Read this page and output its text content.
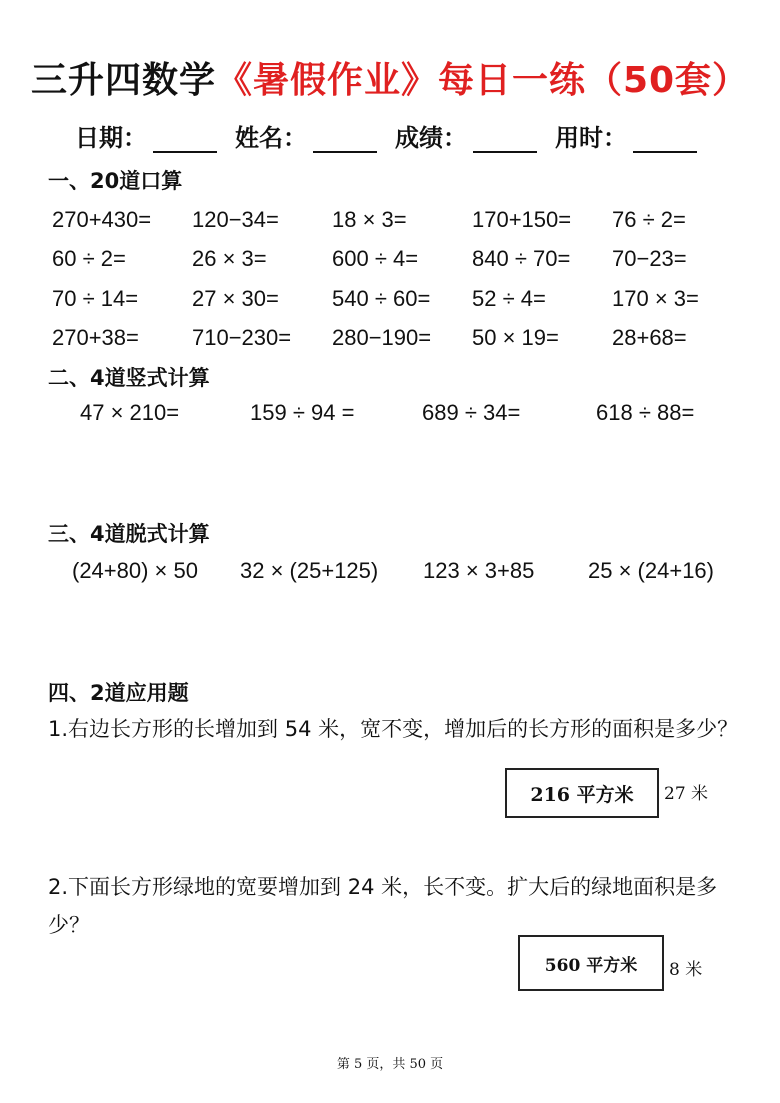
三升四数学《暑假作业》每日一练（50套）
日期：	姓名：	成绩：	用时：
一、20道口算
270+430=	120−34=	18 × 3=	170+150=	76 ÷ 2=
60 ÷ 2=	26 × 3=	600 ÷ 4=	840 ÷ 70=	70−23=
70 ÷ 14=	27 × 30=	540 ÷ 60=	52 ÷ 4=	170 × 3=
270+38=	710−230=	280−190=	50 × 19=	28+68=
二、4道竖式计算
47 × 210=	159 ÷ 94 =	689 ÷ 34=	618 ÷ 88=
三、4道脱式计算
(24+80) × 50	32 × (25+125)	123 × 3+85	25 × (24+16)
四、2道应用题
1.右边长方形的长增加到 54 米，宽不变，增加后的长方形的面积是多少？
216 平方米	27 米
2.下面长方形绿地的宽要增加到 24 米，长不变。扩大后的绿地面积是多少？
560 平方米	8 米
第 5 页，共 50 页
